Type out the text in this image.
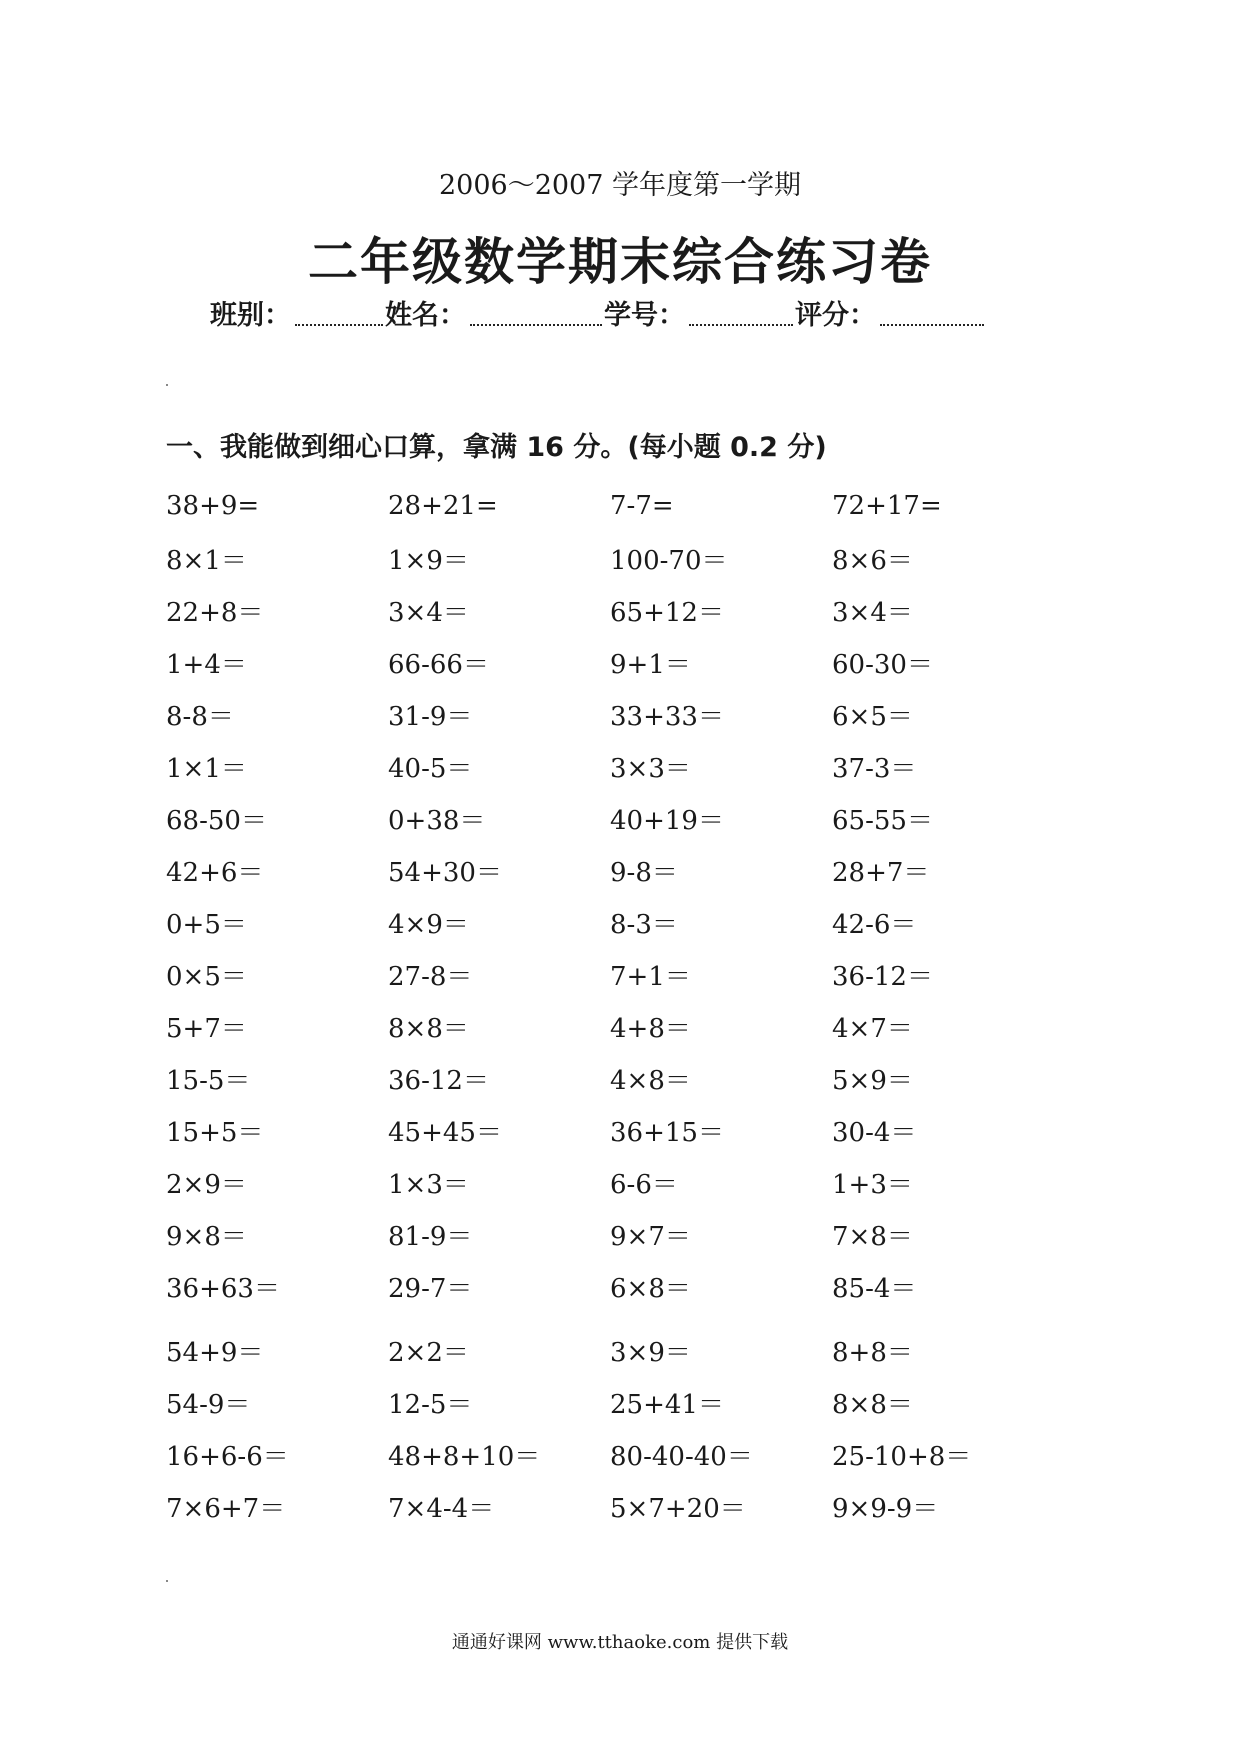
2006～2007 学年度第一学期
二年级数学期末综合练习卷
班别：	姓名：	学号：	评分：
一、我能做到细心口算，拿满 16 分。(每小题 0.2 分)
38+9=	28+21=	7-7=	72+17=
8×1＝	1×9＝	100-70＝	8×6＝
22+8＝	3×4＝	65+12＝	3×4＝
1+4＝	66-66＝	9+1＝	60-30＝
8-8＝	31-9＝	33+33＝	6×5＝
1×1＝	40-5＝	3×3＝	37-3＝
68-50＝	0+38＝	40+19＝	65-55＝
42+6＝	54+30＝	9-8＝	28+7＝
0+5＝	4×9＝	8-3＝	42-6＝
0×5＝	27-8＝	7+1＝	36-12＝
5+7＝	8×8＝	4+8＝	4×7＝
15-5＝	36-12＝	4×8＝	5×9＝
15+5＝	45+45＝	36+15＝	30-4＝
2×9＝	1×3＝	6-6＝	1+3＝
9×8＝	81-9＝	9×7＝	7×8＝
36+63＝	29-7＝	6×8＝	85-4＝
54+9＝	2×2＝	3×9＝	8+8＝
54-9＝	12-5＝	25+41＝	8×8＝
16+6-6＝	48+8+10＝	80-40-40＝	25-10+8＝
7×6+7＝	7×4-4＝	5×7+20＝	9×9-9＝
通通好课网 www.tthaoke.com 提供下载
